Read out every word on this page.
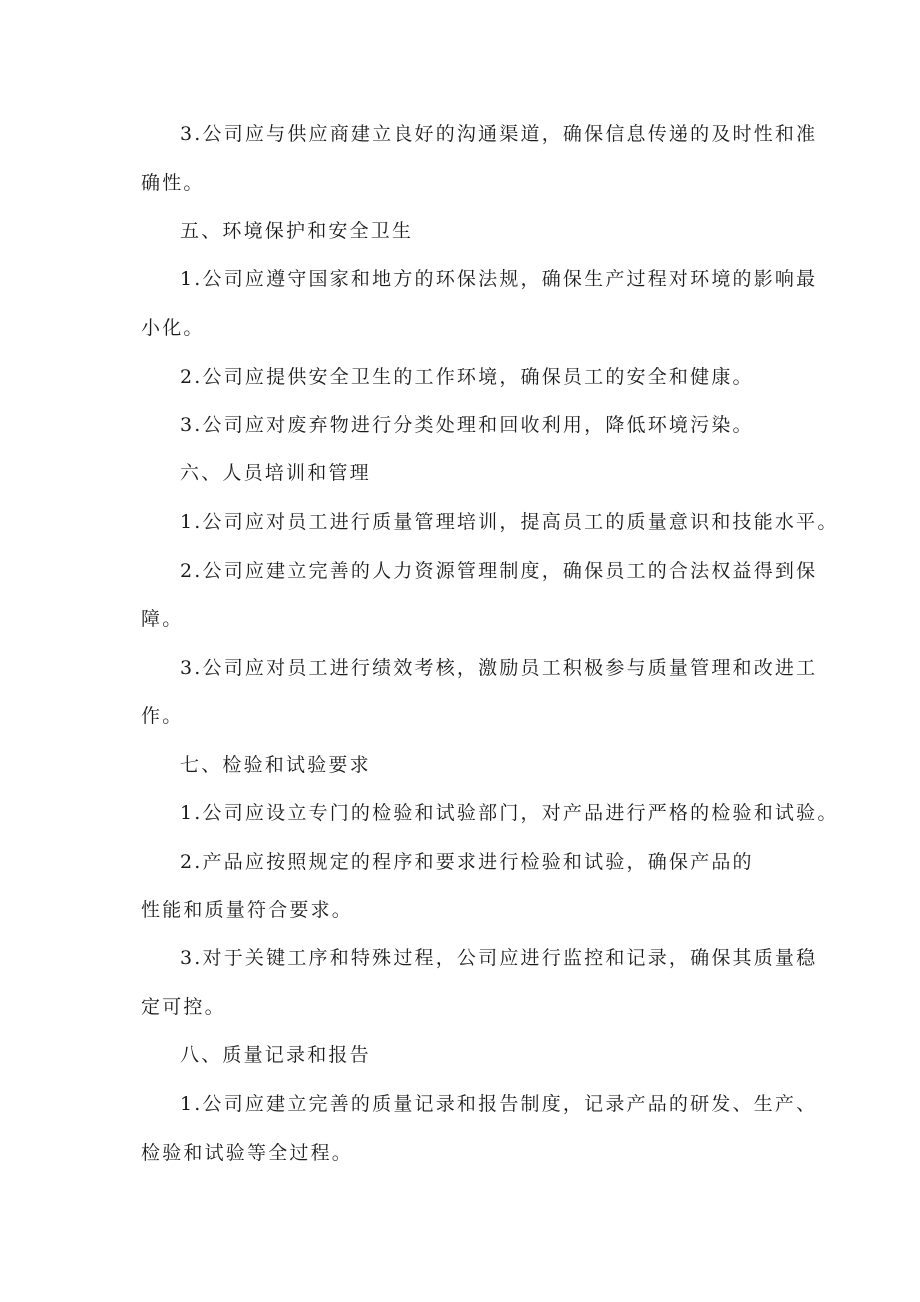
3.公司应与供应商建立良好的沟通渠道，确保信息传递的及时性和准
确性。
五、环境保护和安全卫生
1.公司应遵守国家和地方的环保法规，确保生产过程对环境的影响最
小化。
2.公司应提供安全卫生的工作环境，确保员工的安全和健康。
3.公司应对废弃物进行分类处理和回收利用，降低环境污染。
六、人员培训和管理
1.公司应对员工进行质量管理培训，提高员工的质量意识和技能水平。
2.公司应建立完善的人力资源管理制度，确保员工的合法权益得到保
障。
3.公司应对员工进行绩效考核，激励员工积极参与质量管理和改进工
作。
七、检验和试验要求
1.公司应设立专门的检验和试验部门，对产品进行严格的检验和试验。
2.产品应按照规定的程序和要求进行检验和试验，确保产品的
性能和质量符合要求。
3.对于关键工序和特殊过程，公司应进行监控和记录，确保其质量稳
定可控。
八、质量记录和报告
1.公司应建立完善的质量记录和报告制度，记录产品的研发、生产、
检验和试验等全过程。
